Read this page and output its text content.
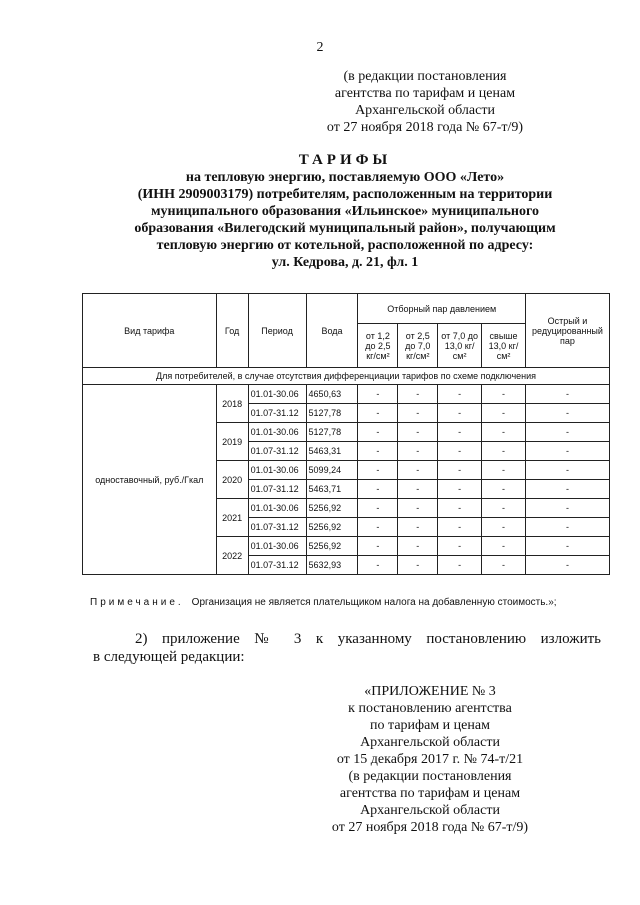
2
(в редакции постановления
агентства по тарифам и ценам
Архангельской области
от 27 ноября 2018 года № 67-т/9)
ТАРИФЫ
на тепловую энергию, поставляемую ООО «Лето»
(ИНН 2909003179) потребителям, расположенным на территории
муниципального образования «Ильинское» муниципального
образования «Вилегодский муниципальный район», получающим
тепловую энергию от котельной, расположенной по адресу:
ул. Кедрова, д. 21, фл. 1
Вид тарифа	Год	Период	Вода	Отборный пар давлением				Острый и редуцированный пар
				от 1,2 до 2,5 кг/см²	от 2,5 до 7,0 кг/см²	от 7,0 до 13,0 кг/см²	свыше 13,0 кг/см²	
Для потребителей, в случае отсутствия дифференциации тарифов по схеме подключения								
одноставочный, руб./Гкал	2018	01.01-30.06	4650,63	-	-	-	-	-
		01.07-31.12	5127,78	-	-	-	-	-
	2019	01.01-30.06	5127,78	-	-	-	-	-
		01.07-31.12	5463,31	-	-	-	-	-
	2020	01.01-30.06	5099,24	-	-	-	-	-
		01.07-31.12	5463,71	-	-	-	-	-
	2021	01.01-30.06	5256,92	-	-	-	-	-
		01.07-31.12	5256,92	-	-	-	-	-
	2022	01.01-30.06	5256,92	-	-	-	-	-
		01.07-31.12	5632,93	-	-	-	-	-
Примечание. Организация не является плательщиком налога на добавленную стоимость.»;
2) приложение № 3 к указанному постановлению изложить
в следующей редакции:
«ПРИЛОЖЕНИЕ № 3
к постановлению агентства
по тарифам и ценам
Архангельской области
от 15 декабря 2017 г. № 74-т/21
(в редакции постановления
агентства по тарифам и ценам
Архангельской области
от 27 ноября 2018 года № 67-т/9)
